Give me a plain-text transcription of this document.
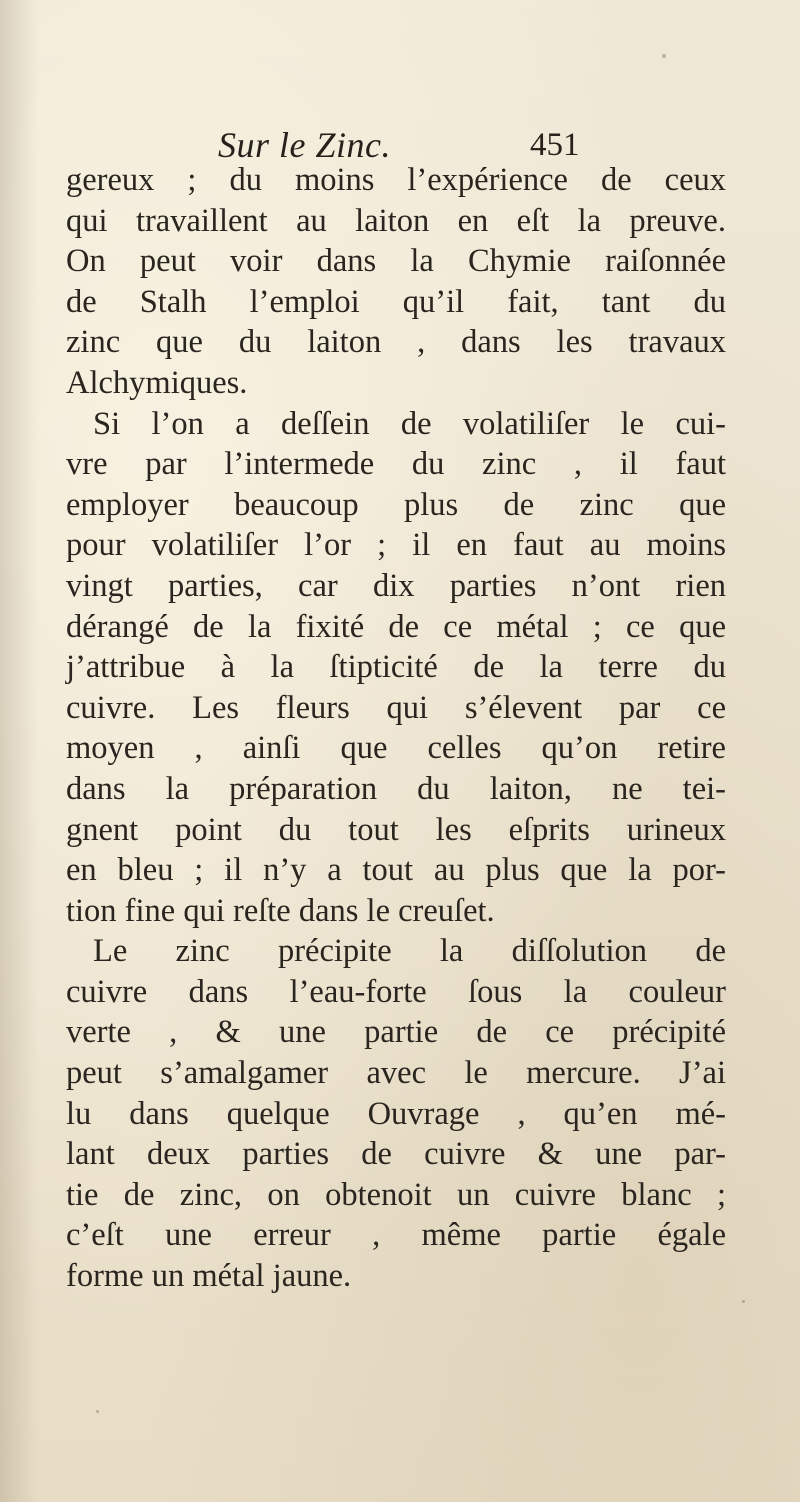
Sur le Zinc.	451
gereux ; du moins l’expérience de ceux
qui travaillent au laiton en eſt la preuve.
On peut voir dans la Chymie raiſonnée
de Stalh l’emploi qu’il fait, tant du
zinc que du laiton , dans les travaux
Alchymiques.
Si l’on a deſſein de volatiliſer le cui-
vre par l’intermede du zinc , il faut
employer beaucoup plus de zinc que
pour volatiliſer l’or ; il en faut au moins
vingt parties, car dix parties n’ont rien
dérangé de la fixité de ce métal ; ce que
j’attribue à la ſtipticité de la terre du
cuivre. Les fleurs qui s’élevent par ce
moyen , ainſi que celles qu’on retire
dans la préparation du laiton, ne tei-
gnent point du tout les eſprits urineux
en bleu ; il n’y a tout au plus que la por-
tion fine qui reſte dans le creuſet.
Le zinc précipite la diſſolution de
cuivre dans l’eau-forte ſous la couleur
verte , & une partie de ce précipité
peut s’amalgamer avec le mercure. J’ai
lu dans quelque Ouvrage , qu’en mé-
lant deux parties de cuivre & une par-
tie de zinc, on obtenoit un cuivre blanc ;
c’eſt une erreur , même partie égale
forme un métal jaune.
